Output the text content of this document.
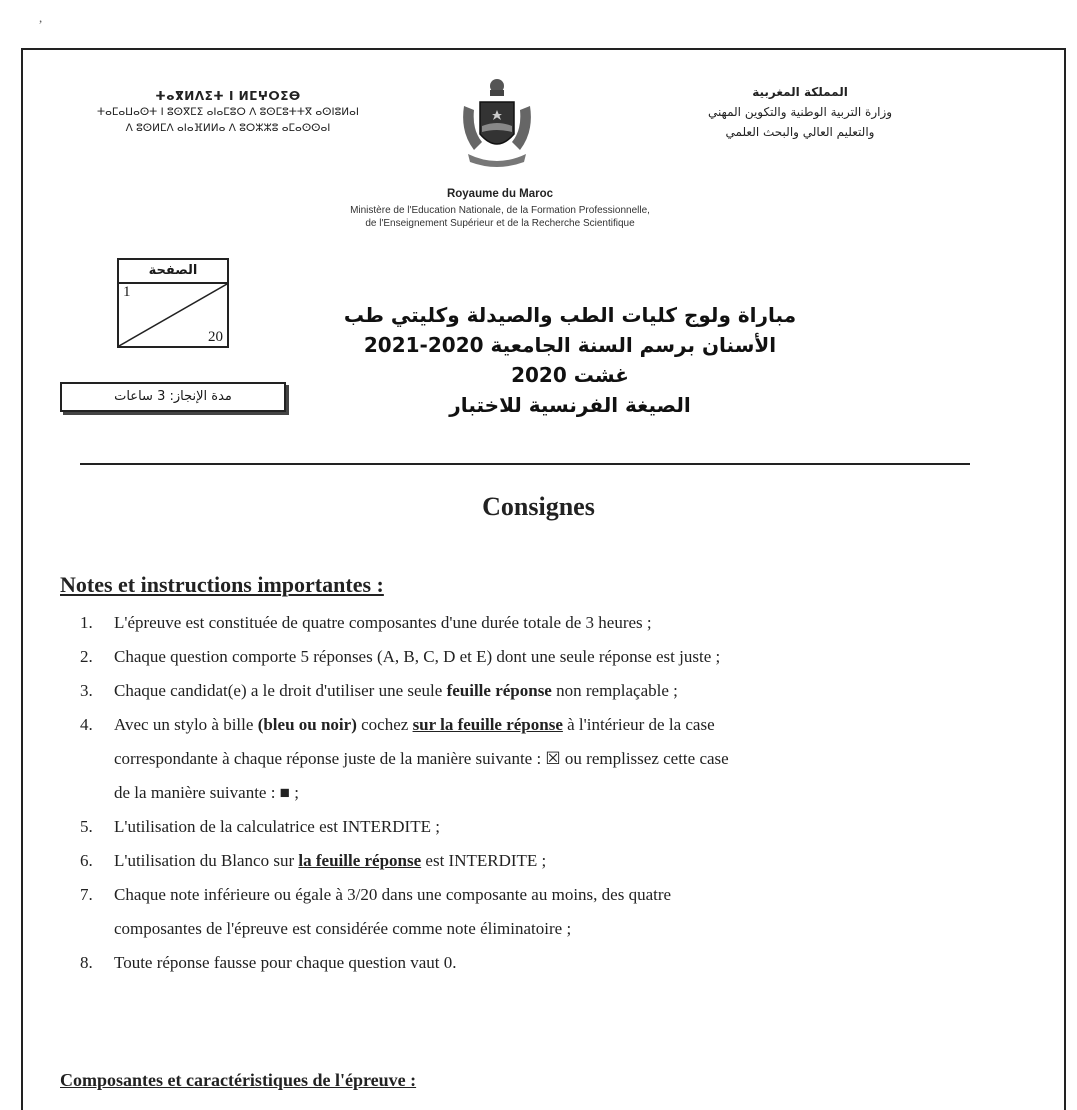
,
ⵜⴰⴳⵍⴷⵉⵜ ⵏ ⵍⵎⵖⵔⵉⴱ
ⵜⴰⵎⴰⵡⴰⵙⵜ ⵏ ⵓⵙⴳⵎⵉ ⴰⵏⴰⵎⵓⵔ ⴷ ⵓⵙⵎⵓⵜⵜⴳ ⴰⵙⵏⵓⵍⴰⵏ
ⴷ ⵓⵙⵍⵎⴷ ⴰⵏⴰⴼⵍⵍⴰ ⴷ ⵓⵔⵣⵣⵓ ⴰⵎⴰⵙⵙⴰⵏ
المملكة المغربية
وزارة التربية الوطنية والتكوين المهني
والتعليم العالي والبحث العلمي
Royaume du Maroc
Ministère de l'Education Nationale, de la Formation Professionnelle,
de l'Enseignement Supérieur et de la Recherche Scientifique
الصفحة
1
20
مدة الإنجاز: 3 ساعات
مباراة ولوج كليات الطب والصيدلة وكليتي طب
الأسنان برسم السنة الجامعية 2020-2021
غشت 2020
الصيغة الفرنسية للاختبار
Consignes
Notes et instructions importantes :
1. L'épreuve est constituée de quatre composantes d'une durée totale de 3 heures ;
2. Chaque question comporte 5 réponses (A, B, C, D et E) dont une seule réponse est juste ;
3. Chaque candidat(e) a le droit d'utiliser une seule feuille réponse non remplaçable ;
4. Avec un stylo à bille (bleu ou noir) cochez sur la feuille réponse à l'intérieur de la case
correspondante à chaque réponse juste de la manière suivante : ☒ ou remplissez cette case
de la manière suivante : ■ ;
5. L'utilisation de la calculatrice est INTERDITE ;
6. L'utilisation du Blanco sur la feuille réponse est INTERDITE ;
7. Chaque note inférieure ou égale à 3/20 dans une composante au moins, des quatre
composantes de l'épreuve est considérée comme note éliminatoire ;
8. Toute réponse fausse pour chaque question vaut 0.
Composantes et caractéristiques de l'épreuve :
